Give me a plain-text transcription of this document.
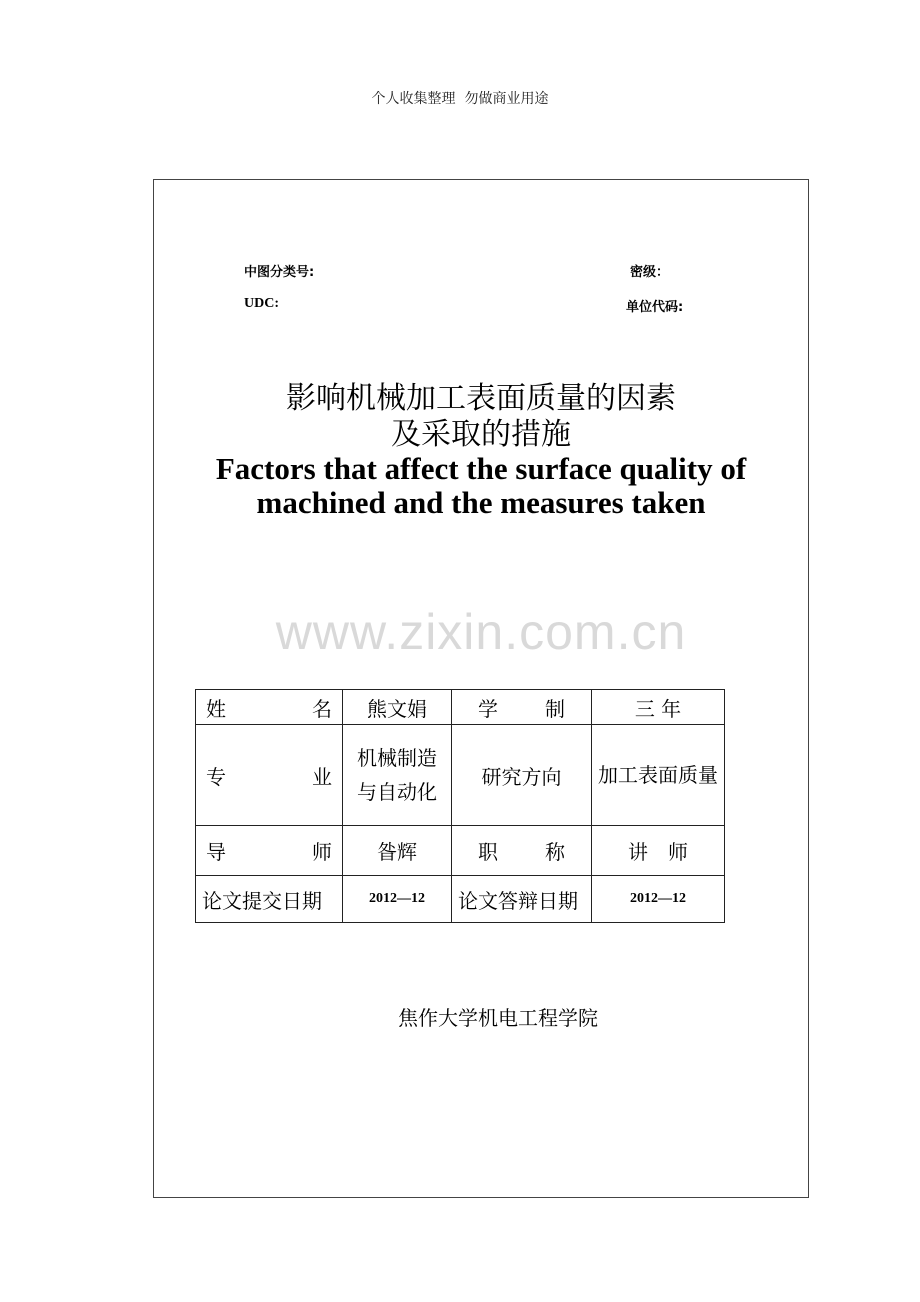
个人收集整理  勿做商业用途
中图分类号:	密级：
UDC:	单位代码:
影响机械加工表面质量的因素
及采取的措施
Factors that affect the surface quality of
machined and the measures taken
www.zixin.com.cn
姓 名	熊文娟	学 制	三 年

专 业	机械制造与自动化	研究方向	加工表面质量

导 师	昝辉	职 称	讲　师
论文提交日期	2012—12	论文答辩日期	2012—12
焦作大学机电工程学院
